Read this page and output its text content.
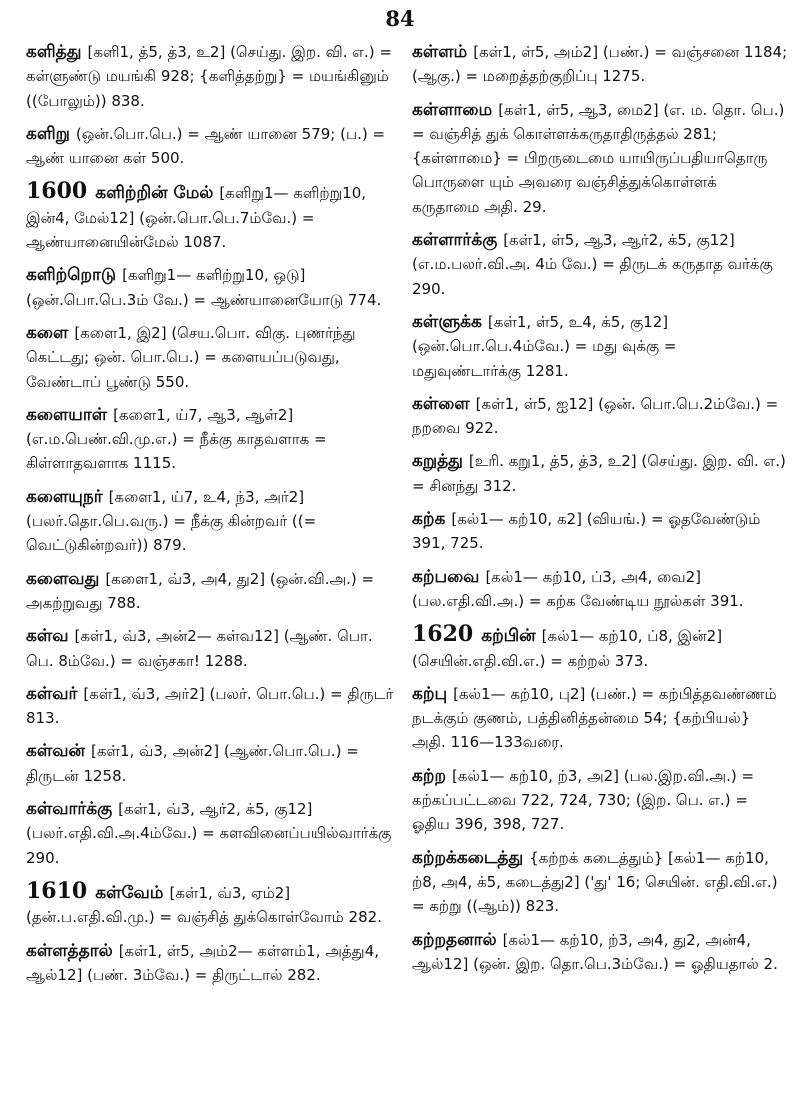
84

களித்து [களி1, த்5, த்3, உ2] (செய்து. இற. வி. எ.) = கள்ளுண்டு மயங்கி 928; {களித்தற்று} = மயங்கினும் ((போலும்)) 838.

களிறு (ஒன்.பொ.பெ.) = ஆண் யானை 579; (ப.) = ஆண் யானை கள் 500.

1600 களிற்றின் மேல் [களிறு1— களிற்று10, இன்4, மேல்12] (ஒன்.பொ.பெ.7ம்வே.) = ஆண்யானையின்மேல் 1087.

களிற்றொடு [களிறு1— களிற்று10, ஒடு] (ஒன்.பொ.பெ.3ம் வே.) = ஆண்யானையோடு 774.

களை [களை1, இ2] (செய.பொ. விகு. புணர்ந்து கெட்டது; ஒன். பொ.பெ.) = களையப்படுவது, வேண்டாப் பூண்டு 550.

களையாள் [களை1, ய்7, ஆ3, ஆள்2] (எ.ம.பெண்.வி.மு.எ.) = நீக்கு காதவளாக = கிள்ளாதவளாக 1115.

களையுநர் [களை1, ய்7, உ4, ந்3, அர்2] (பலர்.தொ.பெ.வரு.) = நீக்கு கின்றவர் ((= வெட்டுகின்றவர்)) 879.

களைவது [களை1, வ்3, அ4, து2] (ஒன்.வி.அ.) = அகற்றுவது 788.

கள்வ [கள்1, வ்3, அன்2— கள்வ12] (ஆண். பொ. பெ. 8ம்வே.) = வஞ்சகா! 1288.

கள்வர் [கள்1, வ்3, அர்2] (பலர். பொ.பெ.) = திருடர் 813.

கள்வன் [கள்1, வ்3, அன்2] (ஆண்.பொ.பெ.) = திருடன் 1258.

கள்வார்க்கு [கள்1, வ்3, ஆர்2, க்5, கு12] (பலர்.எதி.வி.அ.4ம்வே.) = களவினைப்பயில்வார்க்கு 290.

1610 கள்வேம் [கள்1, வ்3, ஏம்2] (தன்.ப.எதி.வி.மு.) = வஞ்சித் துக்கொள்வோம் 282.

கள்ளத்தால் [கள்1, ள்5, அம்2— கள்ளம்1, அத்து4, ஆல்12] (பண். 3ம்வே.) = திருட்டால் 282.

கள்ளம் [கள்1, ள்5, அம்2] (பண்.) = வஞ்சனை 1184; (ஆகு.) = மறைத்தற்குறிப்பு 1275.

கள்ளாமை [கள்1, ள்5, ஆ3, மை2] (எ. ம. தொ. பெ.) = வஞ்சித் துக் கொள்ளக்கருதாதிருத்தல் 281; {கள்ளாமை} = பிறருடைமை யாயிருப்பதியாதொரு பொருளை யும் அவரை வஞ்சித்துக்கொள்ளக் கருதாமை அதி. 29.

கள்ளார்க்கு [கள்1, ள்5, ஆ3, ஆர்2, க்5, கு12] (எ.ம.பலர்.வி.அ. 4ம் வே.) = திருடக் கருதாத வர்க்கு 290.

கள்ளுக்க [கள்1, ள்5, உ4, க்5, கு12] (ஒன்.பொ.பெ.4ம்வே.) = மது வுக்கு = மதுவுண்டார்க்கு 1281.

கள்ளை [கள்1, ள்5, ஐ12] (ஒன். பொ.பெ.2ம்வே.) = நறவை 922.

கறுத்து [உரி. கறு1, த்5, த்3, உ2] (செய்து. இற. வி. எ.) = சினந்து 312.

கற்க [கல்1— கற்10, க2] (வியங்.) = ஓதவேண்டும் 391, 725.

கற்பவை [கல்1— கற்10, ப்3, அ4, வை2] (பல.எதி.வி.அ.) = கற்க வேண்டிய நூல்கள் 391.

1620 கற்பின் [கல்1— கற்10, ப்8, இன்2] (செயின்.எதி.வி.எ.) = கற்றல் 373.

கற்பு [கல்1— கற்10, பு2] (பண்.) = கற்பித்தவண்ணம் நடக்கும் குணம், பத்தினித்தன்மை 54; {கற்பியல்} அதி. 116—133வரை.

கற்ற [கல்1— கற்10, ற்3, அ2] (பல.இற.வி.அ.) = கற்கப்பட்டவை 722, 724, 730; (இற. பெ. எ.) = ஓதிய 396, 398, 727.

கற்றக்கடைத்து {கற்றக் கடைத்தும்} [கல்1— கற்10, ற்8, அ4, க்5, கடைத்து2] ('து' 16; செயின். எதி.வி.எ.) = கற்று ((ஆம்)) 823.

கற்றதனால் [கல்1— கற்10, ற்3, அ4, து2, அன்4, ஆல்12] (ஒன். இற. தொ.பெ.3ம்வே.) = ஓதியதால் 2.
